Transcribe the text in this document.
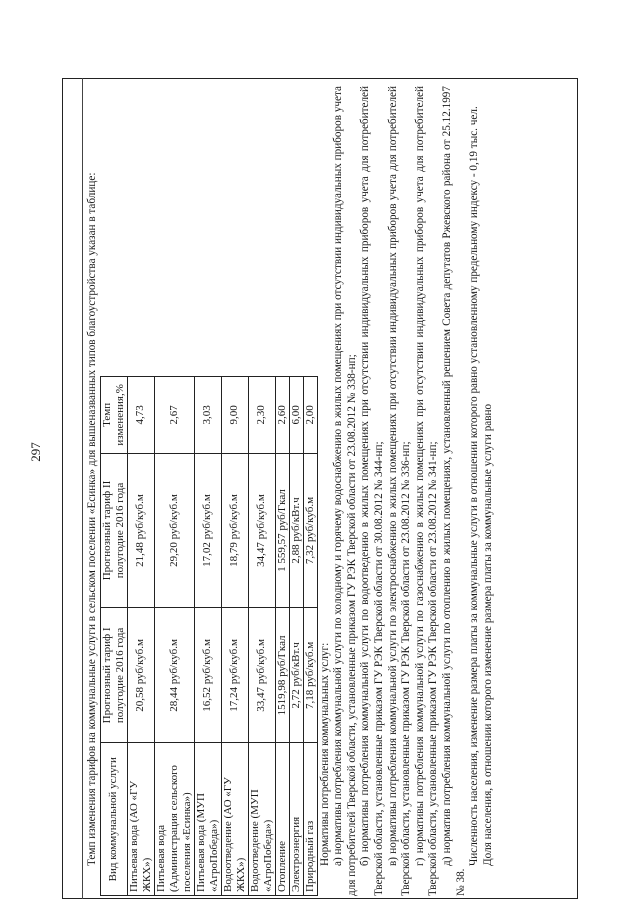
297	Темп изменения тарифов на коммунальные услуги в сельском поселении «Есинка» для вышеназванных типов благоустройства указан в таблице: Вид коммунальной услуги	Прогнозный тариф I полугодие 2016 года	Прогнозный тариф II полугодие 2016 года	Темп изменения,%
Питьевая вода (АО «ГУ ЖКХ»)	20,58 руб/куб.м	21,48 руб/куб.м	4,73
Питьевая вода (Администрация сельского поселения «Есинка»)	28,44 руб/куб.м	29,20 руб/куб.м	2,67
Питьевая вода (МУП «АгроПобеда»)	16,52 руб/куб.м	17,02 руб/куб.м	3,03
Водоотведение (АО «ГУ ЖКХ»)	17,24 руб/куб.м	18,79 руб/куб.м	9,00
Водоотведение (МУП «АгроПобеда»)	33,47 руб/куб.м	34,47 руб/куб.м	2,30
Отопление	1519,98 руб/Гкал	1 559,57 руб/Гкал	2,60
Электроэнергия	2,72 руб/кВт.ч	2,88 руб/кВт.ч	6,00
Природный газ	7,18 руб/куб.м	7,32 руб/куб.м	2,00

Нормативы потребления коммунальных услуг: а) нормативы потребления коммунальной услуги по холодному и горячему водоснабжению в жилых помещениях при отсутствии индивидуальных приборов учета для потребителей Тверской области, установленные приказом ГУ РЭК Тверской области от 23.08.2012 № 338-нп; б) нормативы потребления коммунальной услуги по водоотведению в жилых помещениях при отсутствии индивидуальных приборов учета для потребителей Тверской области, установленные приказом ГУ РЭК Тверской области от 30.08.2012 № 344-нп; в) нормативы потребления коммунальной услуги по электроснабжению в жилых помещениях при отсутствии индивидуальных приборов учета для потребителей Тверской области, установленные приказом ГУ РЭК Тверской области от 23.08.2012 № 336-нп; г) нормативы потребления коммунальной услуги по газоснабжению в жилых помещениях при отсутствии индивидуальных приборов учета для потребителей Тверской области, установленные приказом ГУ РЭК Тверской области от 23.08.2012 № 341-нп; д) норматив потребления коммунальной услуги по отоплению в жилых помещениях, установленный решением Совета депутатов Ржевского района от 25.12.1997 № 38.

Численность населения, изменение размера платы за коммунальные услуги в отношении которого равно установленному предельному индексу - 0,19 тыс. чел. Доля населения, в отношении которого изменение размера платы за коммунальные услуги равно
